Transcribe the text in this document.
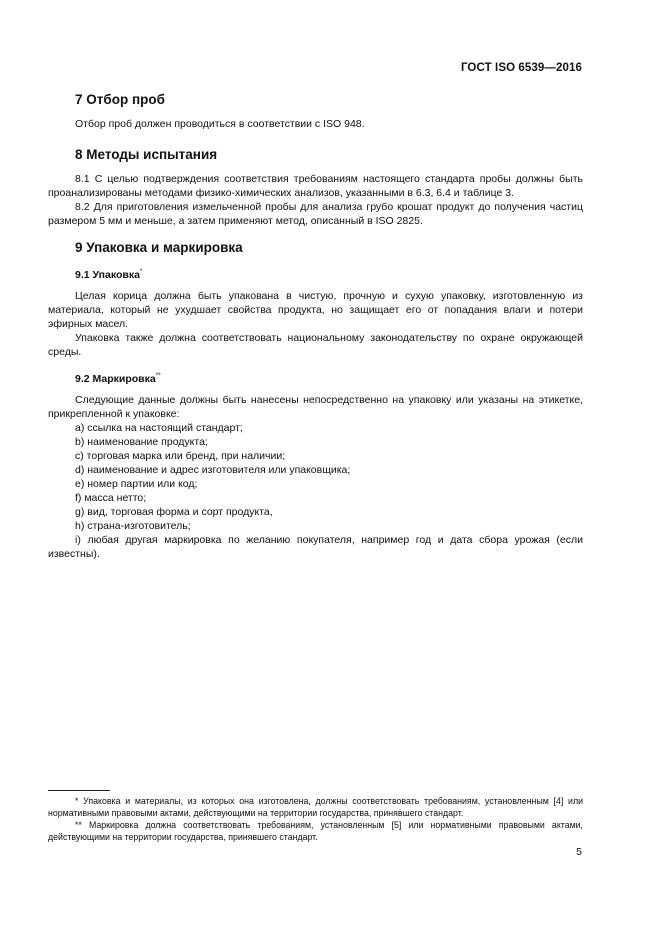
ГОСТ ISO 6539—2016
7 Отбор проб

Отбор проб должен проводиться в соответствии с ISO 948.

8 Методы испытания

8.1 С целью подтверждения соответствия требованиям настоящего стандарта пробы должны быть проанализированы методами физико-химических анализов, указанными в 6.3, 6.4 и таблице 3.

8.2 Для приготовления измельченной пробы для анализа грубо крошат продукт до получения частиц размером 5 мм и меньше, а затем применяют метод, описанный в ISO 2825.

9 Упаковка и маркировка
9.1 Упаковка*

Целая корица должна быть упакована в чистую, прочную и сухую упаковку, изготовленную из материала, который не ухудшает свойства продукта, но защищает его от попадания влаги и потери эфирных масел.

Упаковка также должна соответствовать национальному законодательству по охране окружающей среды.

9.2 Маркировка**

Следующие данные должны быть нанесены непосредственно на упаковку или указаны на этикетке, прикрепленной к упаковке:

a) ссылка на настоящий стандарт;
b) наименование продукта;
c) торговая марка или бренд, при наличии;
d) наименование и адрес изготовителя или упаковщика;
e) номер партии или код;
f) масса нетто;
g) вид, торговая форма и сорт продукта,
h) страна-изготовитель;

i) любая другая маркировка по желанию покупателя, например год и дата сбора урожая (если известны).

* Упаковка и материалы, из которых она изготовлена, должны соответствовать требованиям, установленным [4] или нормативными правовыми актами, действующими на территории государства, принявшего стандарт.

** Маркировка должна соответствовать требованиям, установленным [5] или нормативными правовыми актами, действующими на территории государства, принявшего стандарт.

5
